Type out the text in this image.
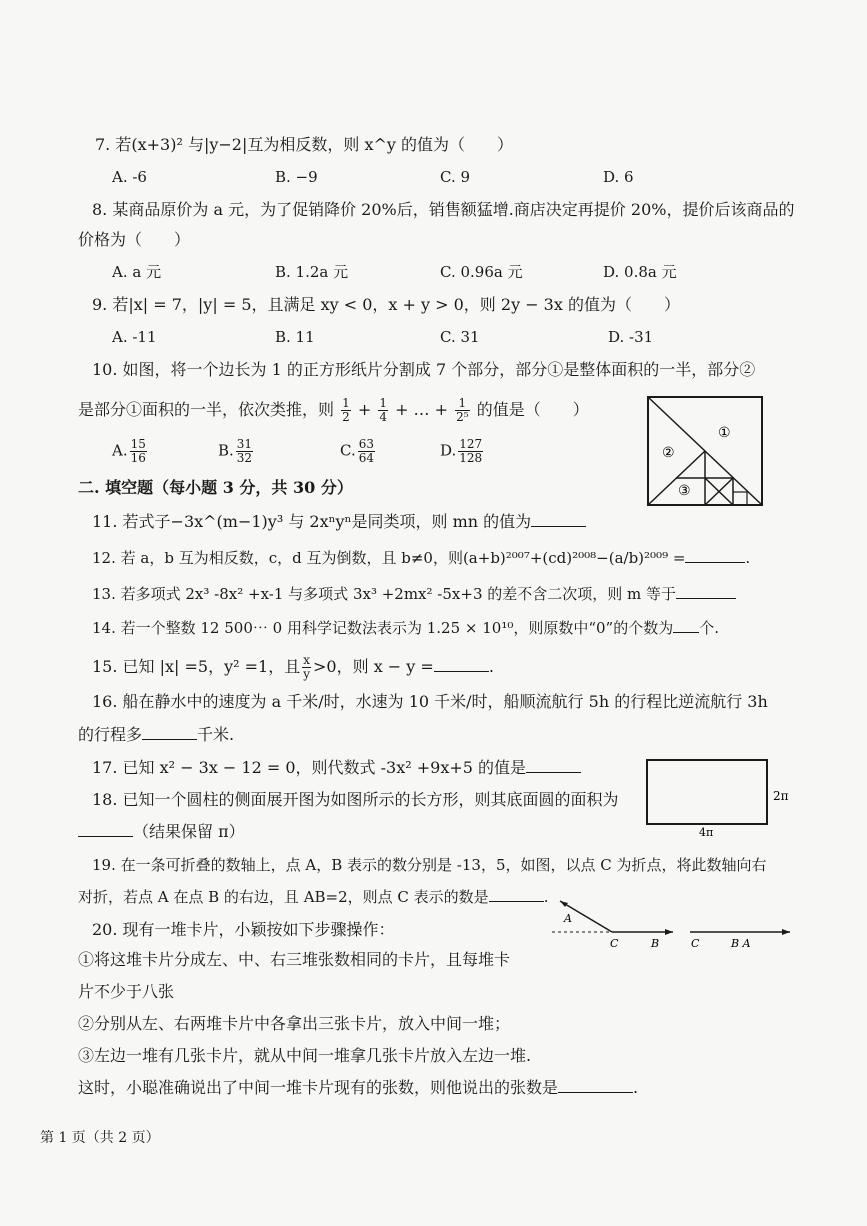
7. 若(x+3)² 与|y−2|互为相反数，则 x^y 的值为（　　）
A. -6	B. −9	C. 9	D. 6
8. 某商品原价为 a 元，为了促销降价 20%后，销售额猛增.商店决定再提价 20%，提价后该商品的
价格为（　　）
A. a 元	B. 1.2a 元	C. 0.96a 元	D. 0.8a 元
9. 若|x| = 7，|y| = 5，且满足 xy < 0，x + y > 0，则 2y − 3x 的值为（　　）
A. -11	B. 11	C. 31	D. -31
10. 如图，将一个边长为 1 的正方形纸片分割成 7 个部分，部分①是整体面积的一半，部分②
是部分①面积的一半，依次类推，则 $\frac{1}{2} + \frac{1}{4}$ + … + $\frac{1}{\text{2⁵}}$ 的值是（　　）
A. $\frac{15}{16}$	B. $\frac{31}{32}$	C. $\frac{63}{64}$	D. $\frac{127}{128}$
①
②
③
二. 填空题（每小题 3 分，共 30 分）
11. 若式子−3x^(m−1)y³ 与 2xⁿyⁿ是同类项，则 mn 的值为
12. 若 a，b 互为相反数，c，d 互为倒数，且 b≠0，则(a+b)²⁰⁰⁷+(cd)²⁰⁰⁸−(a/b)²⁰⁰⁹ =	.
13. 若多项式 2x³ -8x² +x-1 与多项式 3x³ +2mx² -5x+3 的差不含二次项，则 m 等于
14. 若一个整数 12 500⋯ 0 用科学记数法表示为 1.25 × 10¹⁰，则原数中“0”的个数为 个.
15. 已知 |x| =5，y² =1，且 $\frac{x}{y} >0$，则 x − y =	.
16. 船在静水中的速度为 a 千米/时，水速为 10 千米/时，船顺流航行 5h 的行程比逆流航行 3h
的行程多	千米.
17. 已知 x² − 3x − 12 = 0，则代数式 -3x² +9x+5 的值是
18. 已知一个圆柱的侧面展开图为如图所示的长方形，则其底面圆的面积为
（结果保留 π）
2π
4π
19. 在一条可折叠的数轴上，点 A，B 表示的数分别是 -13，5，如图，以点 C 为折点，将此数轴向右
对折，若点 A 在点 B 的右边，且 AB=2，则点 C 表示的数是	.
A
C	B	C	B A
20. 现有一堆卡片，小颖按如下步骤操作：
①将这堆卡片分成左、中、右三堆张数相同的卡片，且每堆卡
片不少于八张
②分别从左、右两堆卡片中各拿出三张卡片，放入中间一堆；
③左边一堆有几张卡片，就从中间一堆拿几张卡片放入左边一堆.
这时，小聪准确说出了中间一堆卡片现有的张数，则他说出的张数是	.
第 1 页（共 2 页）
